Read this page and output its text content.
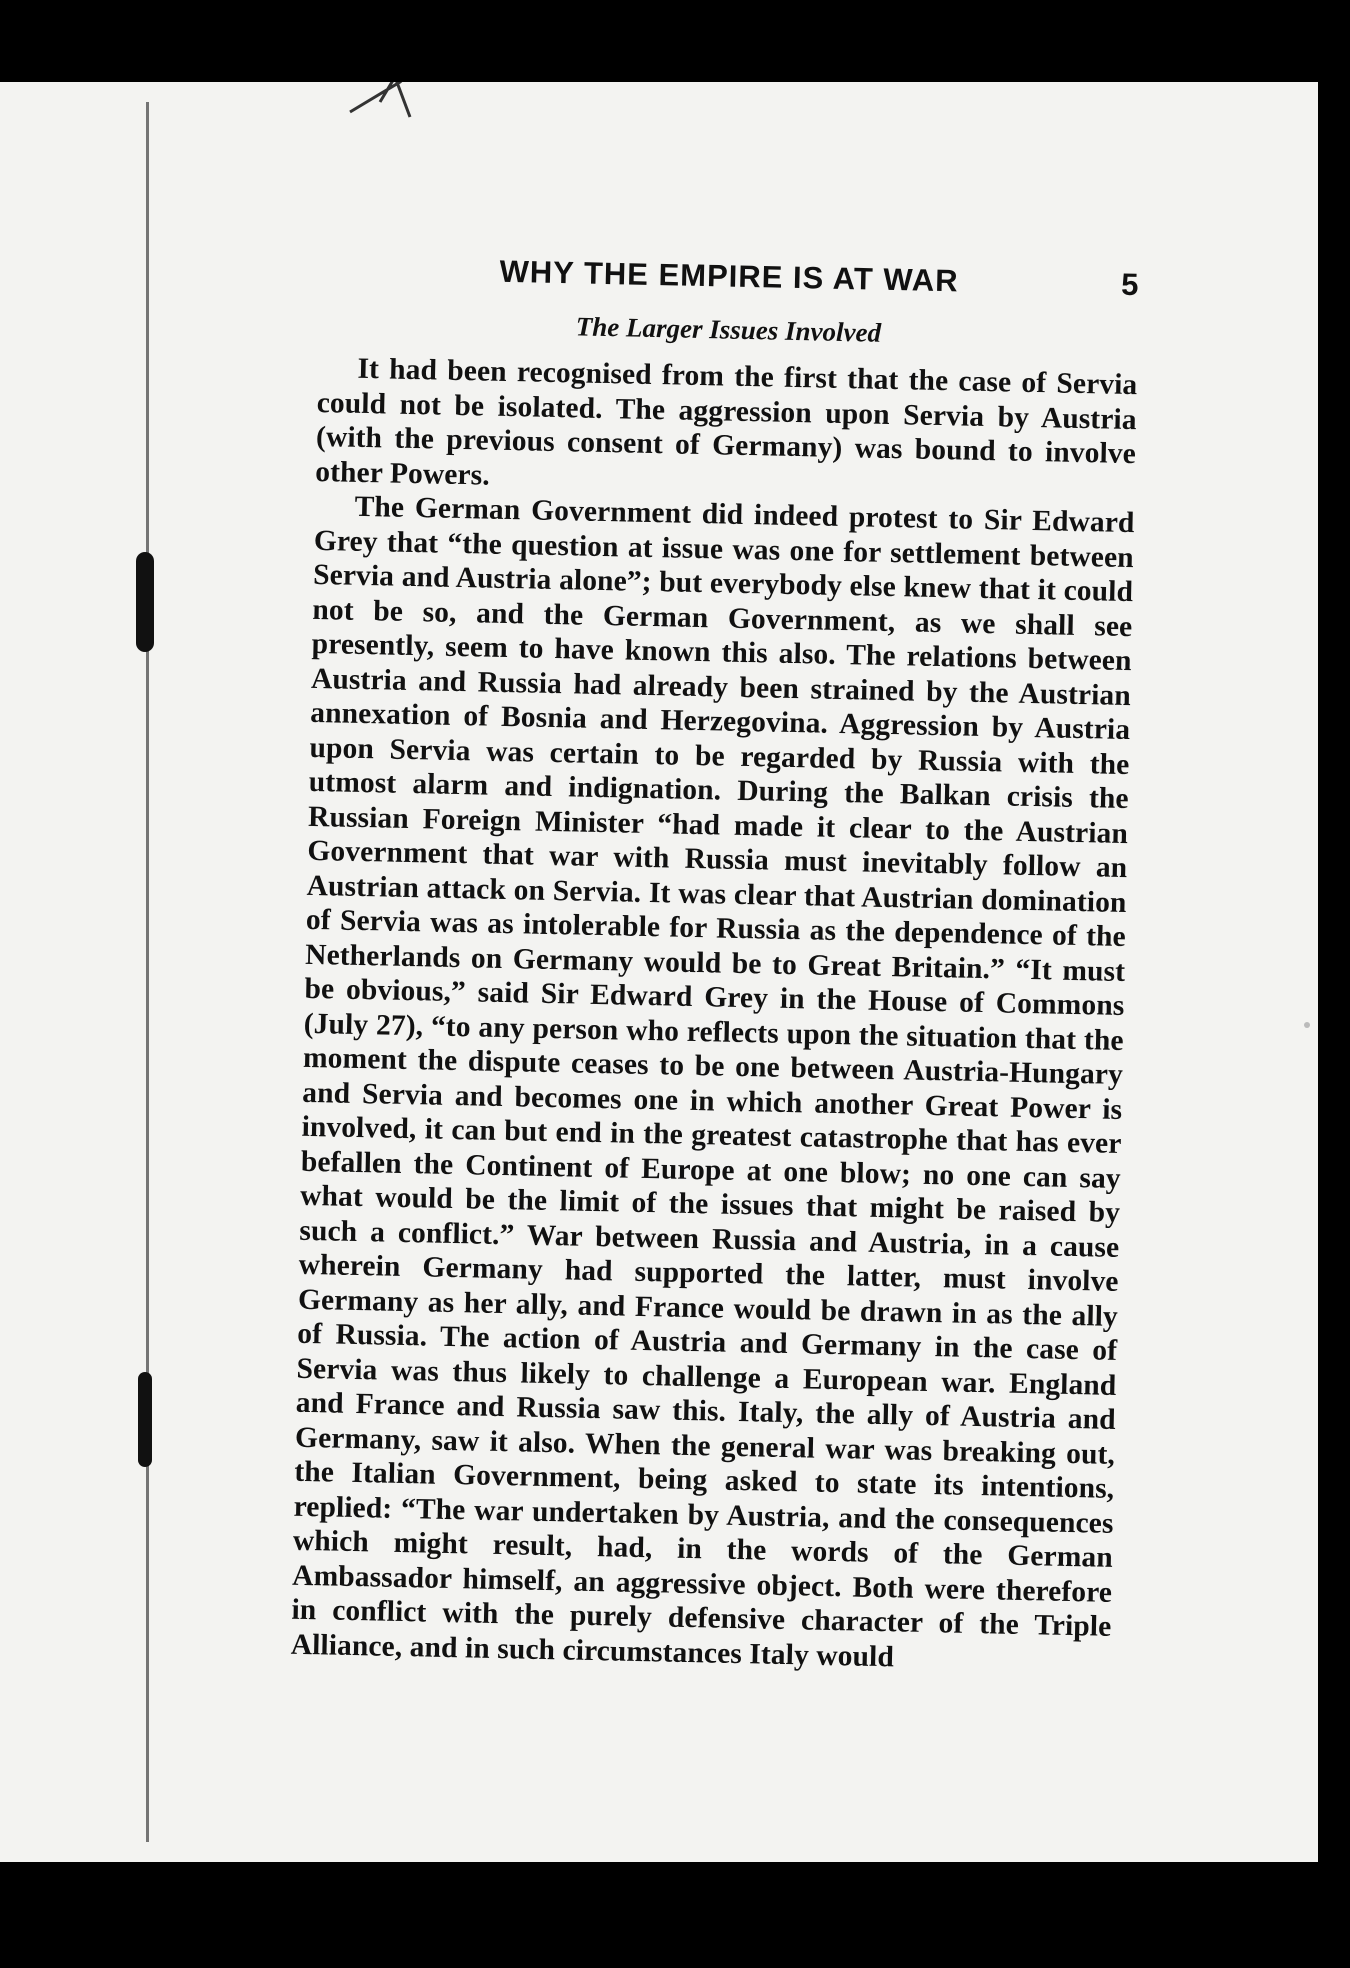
WHY THE EMPIRE IS AT WAR	5
The Larger Issues Involved

It had been recognised from the first that the case of Servia could not be isolated. The aggression upon Servia by Austria (with the previous consent of Germany) was bound to involve other Powers.

The German Government did indeed protest to Sir Edward Grey that “the question at issue was one for settlement between Servia and Austria alone”; but everybody else knew that it could not be so, and the German Government, as we shall see presently, seem to have known this also. The relations between Austria and Russia had already been strained by the Austrian annexation of Bosnia and Herzegovina. Aggression by Austria upon Servia was certain to be regarded by Russia with the utmost alarm and indignation. During the Balkan crisis the Russian Foreign Minister “had made it clear to the Austrian Government that war with Russia must inevitably follow an Austrian attack on Servia. It was clear that Austrian domination of Servia was as intolerable for Russia as the dependence of the Netherlands on Germany would be to Great Britain.” “It must be obvious,” said Sir Edward Grey in the House of Commons (July 27), “to any person who reflects upon the situation that the moment the dispute ceases to be one between Austria-Hungary and Servia and becomes one in which another Great Power is involved, it can but end in the greatest catastrophe that has ever befallen the Continent of Europe at one blow; no one can say what would be the limit of the issues that might be raised by such a conflict.” War between Russia and Austria, in a cause wherein Germany had supported the latter, must involve Germany as her ally, and France would be drawn in as the ally of Russia. The action of Austria and Germany in the case of Servia was thus likely to challenge a European war. England and France and Russia saw this. Italy, the ally of Austria and Germany, saw it also. When the general war was breaking out, the Italian Government, being asked to state its intentions, replied: “The war undertaken by Austria, and the consequences which might result, had, in the words of the German Ambassador himself, an aggressive object. Both were therefore in conflict with the purely defensive character of the Triple Alliance, and in such circumstances Italy would
